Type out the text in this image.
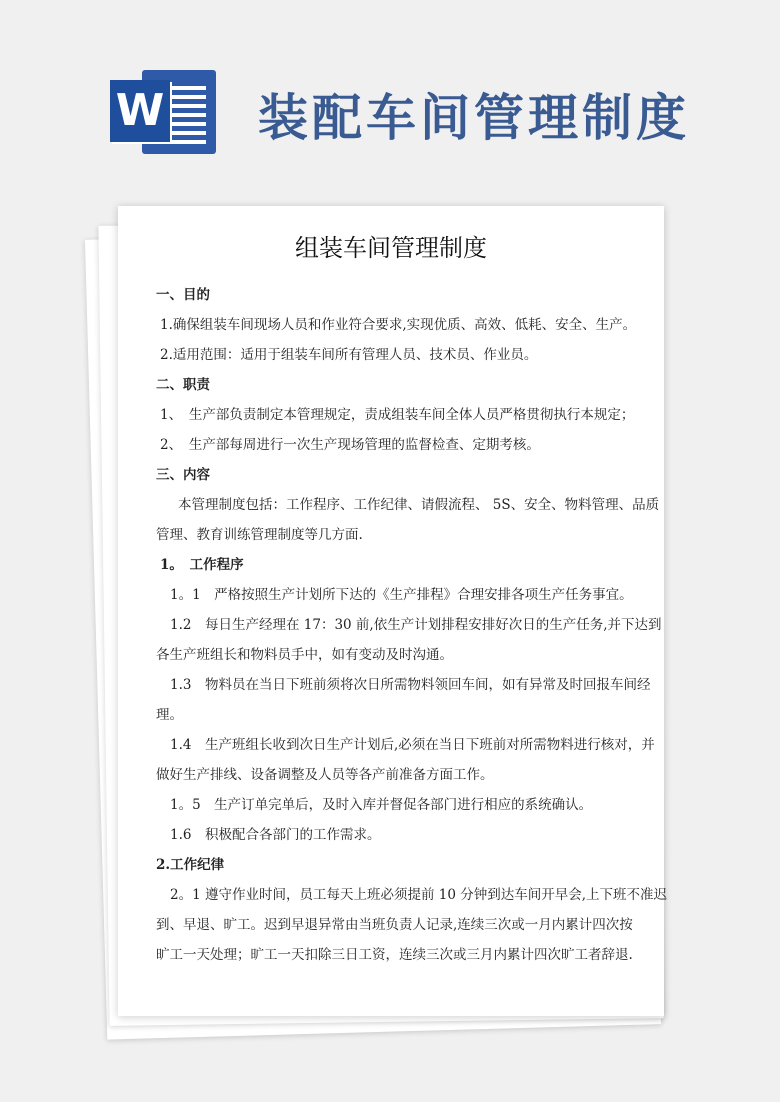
W 装配车间管理制度
组装车间管理制度
一、目的
1.确保组装车间现场人员和作业符合要求,实现优质、高效、低耗、安全、生产。
2.适用范围：适用于组装车间所有管理人员、技术员、作业员。
二、职责
1、　生产部负责制定本管理规定，责成组装车间全体人员严格贯彻执行本规定；
2、　生产部每周进行一次生产现场管理的监督检查、定期考核。
三、内容
本管理制度包括：工作程序、工作纪律、请假流程、 5S、安全、物料管理、品质
管理、教育训练管理制度等几方面.
1。　工作程序
1。1　严格按照生产计划所下达的《生产排程》合理安排各项生产任务事宜。
1.2　每日生产经理在 17：30 前,依生产计划排程安排好次日的生产任务,并下达到
各生产班组长和物料员手中，如有变动及时沟通。
1.3　物料员在当日下班前须将次日所需物料领回车间，如有异常及时回报车间经
理。
1.4　生产班组长收到次日生产计划后,必须在当日下班前对所需物料进行核对，并
做好生产排线、设备调整及人员等各产前准备方面工作。
1。5　生产订单完单后，及时入库并督促各部门进行相应的系统确认。
1.6　积极配合各部门的工作需求。
2.工作纪律
2。1 遵守作业时间，员工每天上班必须提前 10 分钟到达车间开早会,上下班不准迟
到、早退、旷工。迟到早退异常由当班负责人记录,连续三次或一月内累计四次按
旷工一天处理；旷工一天扣除三日工资，连续三次或三月内累计四次旷工者辞退.
